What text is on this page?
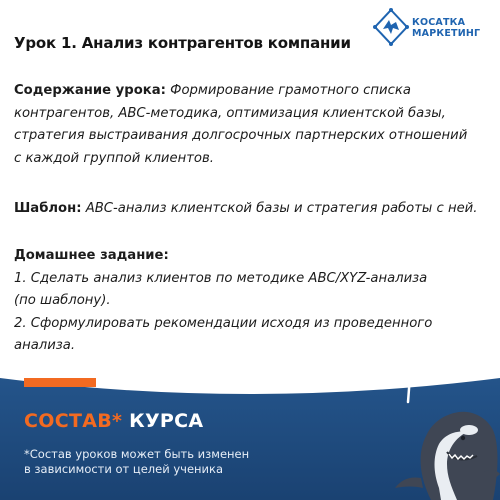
Урок 1. Анализ контрагентов компании
КОСАТКА
МАРКЕТИНГ
Содержание урока: Формирование грамотного списка
контрагентов, АВС-методика, оптимизация клиентской базы,
стратегия выстраивания долгосрочных партнерских отношений
с каждой группой клиентов.
Шаблон: АВС-анализ клиентской базы и стратегия работы с ней.
Домашнее задание:
1. Сделать анализ клиентов по методике АВС/XYZ-анализа
(по шаблону).
2. Сформулировать рекомендации исходя из проведенного
анализа.
СОСТАВ* КУРСА
*Состав уроков может быть изменен
в зависимости от целей ученика
